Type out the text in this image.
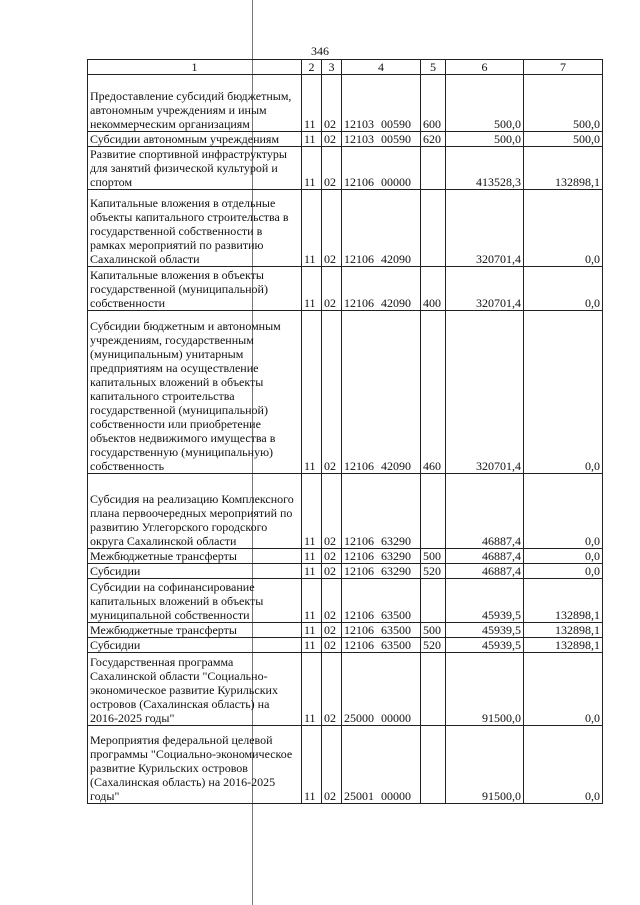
346
1	2	3	4	5	6	7
Предоставление субсидий бюджетным, автономным учреждениям и иным некоммерческим организациям	11	02	12103 00590	600	500,0	500,0
Субсидии автономным учреждениям	11	02	12103 00590	620	500,0	500,0
Развитие спортивной инфраструктуры для занятий физической культурой и спортом	11	02	12106 00000		413528,3	132898,1
Капитальные вложения в отдельные объекты капитального строительства в государственной собственности в рамках мероприятий по развитию Сахалинской области	11	02	12106 42090		320701,4	0,0
Капитальные вложения в объекты государственной (муниципальной) собственности	11	02	12106 42090	400	320701,4	0,0
Субсидии бюджетным и автономным учреждениям, государственным (муниципальным) унитарным предприятиям на осуществление капитальных вложений в объекты капитального строительства государственной (муниципальной) собственности или приобретение объектов недвижимого имущества в государственную (муниципальную) собственность	11	02	12106 42090	460	320701,4	0,0
Субсидия на реализацию Комплексного плана первоочередных мероприятий по развитию Углегорского городского округа Сахалинской области	11	02	12106 63290		46887,4	0,0
Межбюджетные трансферты	11	02	12106 63290	500	46887,4	0,0
Субсидии	11	02	12106 63290	520	46887,4	0,0
Субсидии на софинансирование капитальных вложений в объекты муниципальной собственности	11	02	12106 63500		45939,5	132898,1
Межбюджетные трансферты	11	02	12106 63500	500	45939,5	132898,1
Субсидии	11	02	12106 63500	520	45939,5	132898,1
Государственная программа Сахалинской области "Социально-экономическое развитие Курильских островов (Сахалинская область) на 2016-2025 годы"	11	02	25000 00000		91500,0	0,0
Мероприятия федеральной целевой программы "Социально-экономическое развитие Курильских островов (Сахалинская область) на 2016-2025 годы"	11	02	25001 00000		91500,0	0,0
